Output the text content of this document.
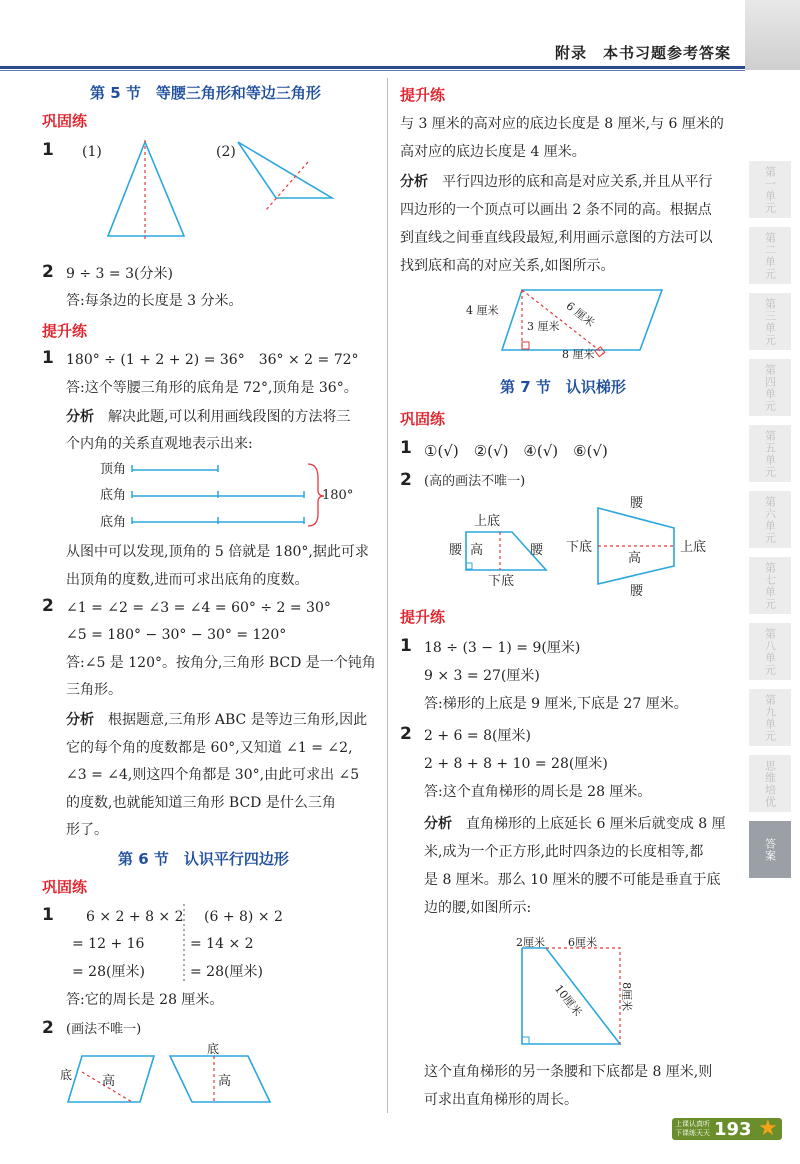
附录　本书习题参考答案
第 5 节　等腰三角形和等边三角形
巩固练
1 (1)	(2)
2 9 ÷ 3 = 3(分米)
答:每条边的长度是 3 分米。
提升练
1 180° ÷ (1 + 2 + 2) = 36°　36° × 2 = 72°
答:这个等腰三角形的底角是 72°,顶角是 36°。
分析　解决此题,可以利用画线段图的方法将三
个内角的关系直观地表示出来:
顶角
底角
底角
180°
从图中可以发现,顶角的 5 倍就是 180°,据此可求
出顶角的度数,进而可求出底角的度数。
2 ∠1 = ∠2 = ∠3 = ∠4 = 60° ÷ 2 = 30°
∠5 = 180° − 30° − 30° = 120°
答:∠5 是 120°。按角分,三角形 BCD 是一个钝角
三角形。
分析　根据题意,三角形 ABC 是等边三角形,因此
它的每个角的度数都是 60°,又知道 ∠1 = ∠2,
∠3 = ∠4,则这四个角都是 30°,由此可求出 ∠5
的度数,也就能知道三角形 BCD 是什么三角
形了。
第 6 节　认识平行四边形
巩固练
1 6 × 2 + 8 × 2
= 12 + 16
= 28(厘米)
(6 + 8) × 2
= 14 × 2
= 28(厘米)
答:它的周长是 28 厘米。
2 (画法不唯一)
底 高
底
高
提升练
与 3 厘米的高对应的底边长度是 8 厘米,与 6 厘米的
高对应的底边长度是 4 厘米。
分析　平行四边形的底和高是对应关系,并且从平行
四边形的一个顶点可以画出 2 条不同的高。根据点
到直线之间垂直线段最短,利用画示意图的方法可以
找到底和高的对应关系,如图所示。
4 厘米
3 厘米 6 厘米
8 厘米
第 7 节　认识梯形
巩固练
1 ①(√)　②(√)　④(√)　⑥(√)
2 (高的画法不唯一)
上底
腰 高	腰
下底
腰
下底
高
上底
腰
提升练
1 18 ÷ (3 − 1) = 9(厘米)
9 × 3 = 27(厘米)
答:梯形的上底是 9 厘米,下底是 27 厘米。
2 2 + 6 = 8(厘米)
2 + 8 + 8 + 10 = 28(厘米)
答:这个直角梯形的周长是 28 厘米。
分析　直角梯形的上底延长 6 厘米后就变成 8 厘
米,成为一个正方形,此时四条边的长度相等,都
是 8 厘米。那么 10 厘米的腰不可能是垂直于底
边的腰,如图所示:
2厘米 6厘米
10厘米	8厘米
这个直角梯形的另一条腰和下底都是 8 厘米,则
可求出直角梯形的周长。
第一单元
第二单元
第三单元
第四单元
第五单元
第六单元
第七单元
第八单元
第九单元
思维培优
答案
上课认真听
下课练天天 193 ★
